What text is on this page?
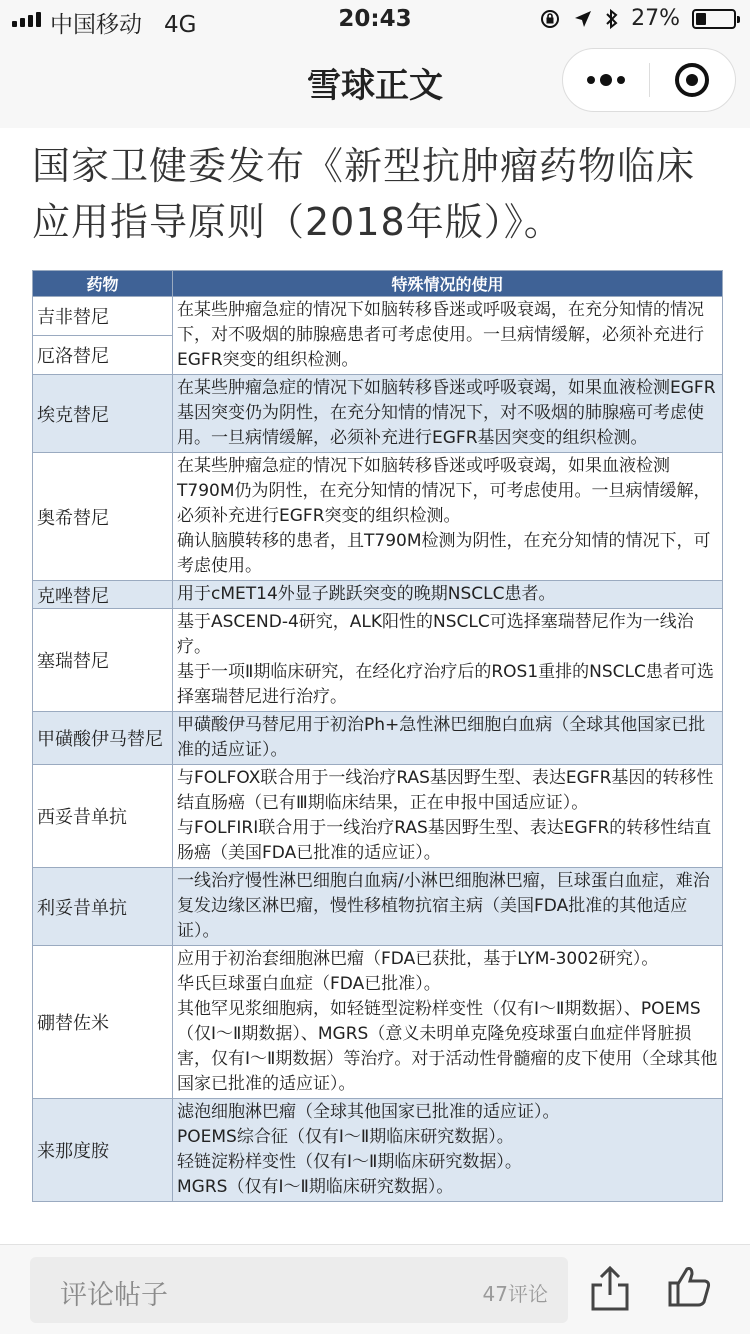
中国移动 4G	20:43	27%
雪球正文
国家卫健委发布《新型抗肿瘤药物临床应用指导原则（2018年版）》。
药物	特殊情况的使用
吉非替尼	在某些肿瘤急症的情况下如脑转移昏迷或呼吸衰竭，在充分知情的情况下，对不吸烟的肺腺癌患者可考虑使用。一旦病情缓解，必须补充进行EGFR突变的组织检测。

厄洛替尼	
埃克替尼	在某些肿瘤急症的情况下如脑转移昏迷或呼吸衰竭，如果血液检测EGFR基因突变仍为阴性，在充分知情的情况下，对不吸烟的肺腺癌可考虑使用。一旦病情缓解，必须补充进行EGFR基因突变的组织检测。

奥希替尼	在某些肿瘤急症的情况下如脑转移昏迷或呼吸衰竭，如果血液检测T790M仍为阴性，在充分知情的情况下，可考虑使用。一旦病情缓解，必须补充进行EGFR突变的组织检测。

确认脑膜转移的患者，且T790M检测为阴性，在充分知情的情况下，可考虑使用。

克唑替尼	用于cMET14外显子跳跃突变的晚期NSCLC患者。

塞瑞替尼	基于ASCEND-4研究，ALK阳性的NSCLC可选择塞瑞替尼作为一线治疗。

基于一项Ⅱ期临床研究，在经化疗治疗后的ROS1重排的NSCLC患者可选择塞瑞替尼进行治疗。

甲磺酸伊马替尼	甲磺酸伊马替尼用于初治Ph+急性淋巴细胞白血病（全球其他国家已批准的适应证）。

西妥昔单抗	与FOLFOX联合用于一线治疗RAS基因野生型、表达EGFR基因的转移性结直肠癌（已有Ⅲ期临床结果，正在申报中国适应证）。

与FOLFIRI联合用于一线治疗RAS基因野生型、表达EGFR的转移性结直肠癌（美国FDA已批准的适应证）。

利妥昔单抗	一线治疗慢性淋巴细胞白血病/小淋巴细胞淋巴瘤，巨球蛋白血症，难治复发边缘区淋巴瘤，慢性移植物抗宿主病（美国FDA批准的其他适应证）。

硼替佐米	应用于初治套细胞淋巴瘤（FDA已获批，基于LYM-3002研究）。

华氏巨球蛋白血症（FDA已批准）。

其他罕见浆细胞病，如轻链型淀粉样变性（仅有Ⅰ～Ⅱ期数据）、POEMS（仅Ⅰ～Ⅱ期数据）、MGRS（意义未明单克隆免疫球蛋白血症伴肾脏损害，仅有Ⅰ～Ⅱ期数据）等治疗。对于活动性骨髓瘤的皮下使用（全球其他国家已批准的适应证）。

来那度胺	滤泡细胞淋巴瘤（全球其他国家已批准的适应证）。

POEMS综合征（仅有Ⅰ～Ⅱ期临床研究数据）。

轻链淀粉样变性（仅有Ⅰ～Ⅱ期临床研究数据）。

MGRS（仅有Ⅰ～Ⅱ期临床研究数据）。

评论帖子	47评论
